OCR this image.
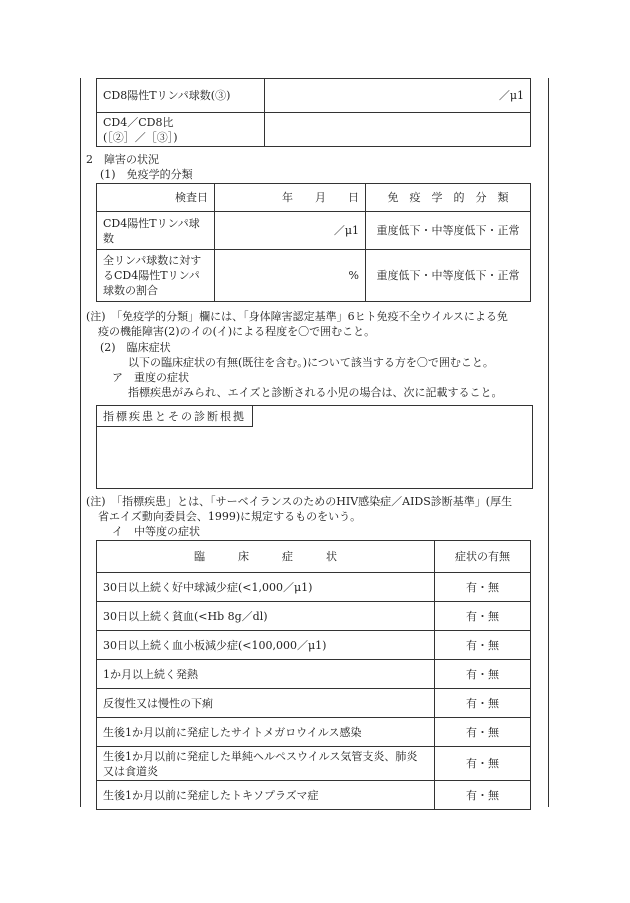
CD8陽性Tリンパ球数(③)	／μ1

CD4／CD8比
(［②］／［③］)	

2　障害の状況
(1)　免疫学的分類
検査日	年　　月　　日	免　疫　学　的　分　類
CD4陽性Tリンパ球数	／μ1	重度低下・中等度低下・正常
全リンパ球数に対するCD4陽性Tリンパ球数の割合	%	重度低下・中等度低下・正常
(注)　「免疫学的分類」欄には、「身体障害認定基準」6ヒト免疫不全ウイルスによる免
疫の機能障害(2)のイの(イ)による程度を〇で囲むこと。
(2)　臨床症状
以下の臨床症状の有無(既往を含む。)について該当する方を〇で囲むこと。
ア　重度の症状
指標疾患がみられ、エイズと診断される小児の場合は、次に記載すること。
指標疾患とその診断根拠
(注)　「指標疾患」とは、「サーベイランスのためのHIV感染症／AIDS診断基準」(厚生
省エイズ動向委員会、1999)に規定するものをいう。
イ　中等度の症状
臨　　　床　　　症　　　状	症状の有無
30日以上続く好中球減少症(<1,000／μ1)	有・無
30日以上続く貧血(<Hb 8g／dl)	有・無
30日以上続く血小板減少症(<100,000／μ1)	有・無
1か月以上続く発熱	有・無
反復性又は慢性の下痢	有・無
生後1か月以前に発症したサイトメガロウイルス感染	有・無
生後1か月以前に発症した単純ヘルペスウイルス気管支炎、肺炎又は食道炎	有・無
生後1か月以前に発症したトキソプラズマ症	有・無
